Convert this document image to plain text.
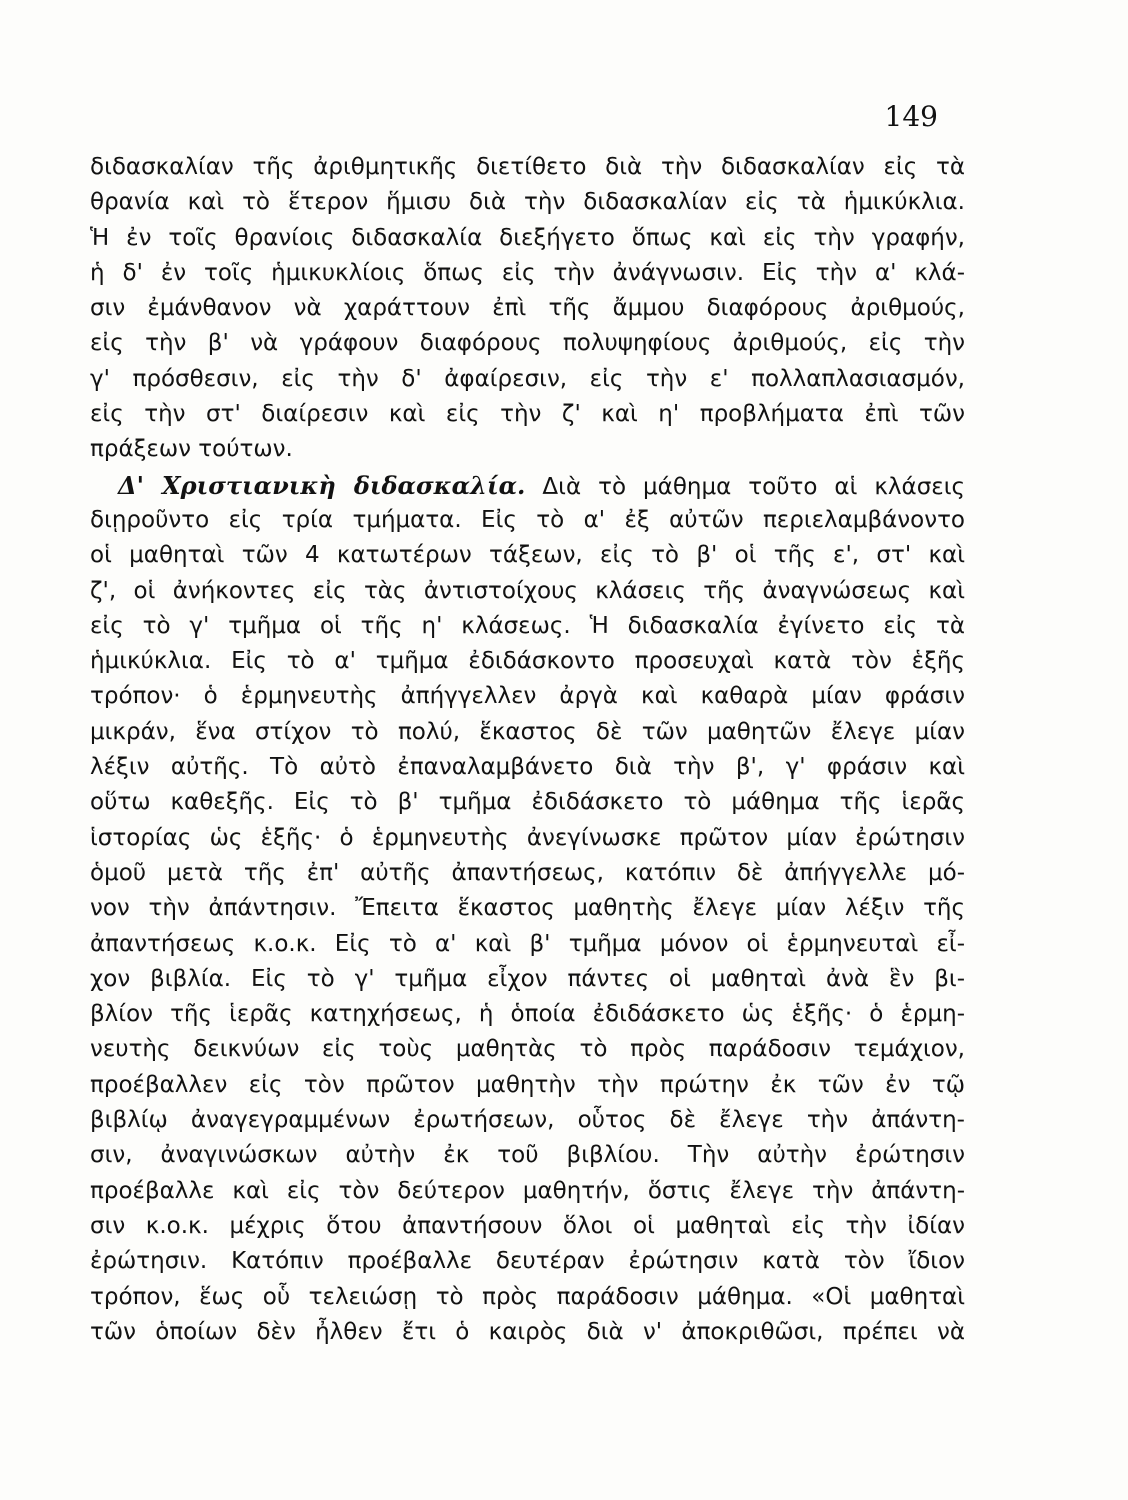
149
διδασκαλίαν τῆς ἀριθμητικῆς διετίθετο διὰ τὴν διδασκαλίαν εἰς τὰ
θρανία καὶ τὸ ἕτερον ἥμισυ διὰ τὴν διδασκαλίαν εἰς τὰ ἡμικύκλια.
Ἡ ἐν τοῖς θρανίοις διδασκαλία διεξήγετο ὅπως καὶ εἰς τὴν γραφήν,
ἡ δ' ἐν τοῖς ἡμικυκλίοις ὅπως εἰς τὴν ἀνάγνωσιν. Εἰς τὴν α' κλά-
σιν ἐμάνθανον νὰ χαράττουν ἐπὶ τῆς ἄμμου διαφόρους ἀριθμούς,
εἰς τὴν β' νὰ γράφουν διαφόρους πολυψηφίους ἀριθμούς, εἰς τὴν
γ' πρόσθεσιν, εἰς τὴν δ' ἀφαίρεσιν, εἰς τὴν ε' πολλαπλασιασμόν,
εἰς τὴν στ' διαίρεσιν καὶ εἰς τὴν ζ' καὶ η' προβλήματα ἐπὶ τῶν
πράξεων τούτων.
Δ' Χριστιανικὴ διδασκαλία. Διὰ τὸ μάθημα τοῦτο αἱ κλάσεις
διῃροῦντο εἰς τρία τμήματα. Εἰς τὸ α' ἐξ αὐτῶν περιελαμβάνοντο
οἱ μαθηταὶ τῶν 4 κατωτέρων τάξεων, εἰς τὸ β' οἱ τῆς ε', στ' καὶ
ζ', οἱ ἀνήκοντες εἰς τὰς ἀντιστοίχους κλάσεις τῆς ἀναγνώσεως καὶ
εἰς τὸ γ' τμῆμα οἱ τῆς η' κλάσεως. Ἡ διδασκαλία ἐγίνετο εἰς τὰ
ἡμικύκλια. Εἰς τὸ α' τμῆμα ἐδιδάσκοντο προσευχαὶ κατὰ τὸν ἑξῆς
τρόπον· ὁ ἑρμηνευτὴς ἀπήγγελλεν ἀργὰ καὶ καθαρὰ μίαν φράσιν
μικράν, ἕνα στίχον τὸ πολύ, ἕκαστος δὲ τῶν μαθητῶν ἔλεγε μίαν
λέξιν αὐτῆς. Τὸ αὐτὸ ἐπαναλαμβάνετο διὰ τὴν β', γ' φράσιν καὶ
οὕτω καθεξῆς. Εἰς τὸ β' τμῆμα ἐδιδάσκετο τὸ μάθημα τῆς ἱερᾶς
ἱστορίας ὡς ἑξῆς· ὁ ἑρμηνευτὴς ἀνεγίνωσκε πρῶτον μίαν ἐρώτησιν
ὁμοῦ μετὰ τῆς ἐπ' αὐτῆς ἀπαντήσεως, κατόπιν δὲ ἀπήγγελλε μό-
νον τὴν ἀπάντησιν. Ἔπειτα ἕκαστος μαθητὴς ἔλεγε μίαν λέξιν τῆς
ἀπαντήσεως κ.ο.κ. Εἰς τὸ α' καὶ β' τμῆμα μόνον οἱ ἑρμηνευταὶ εἶ-
χον βιβλία. Εἰς τὸ γ' τμῆμα εἶχον πάντες οἱ μαθηταὶ ἀνὰ ἓν βι-
βλίον τῆς ἱερᾶς κατηχήσεως, ἡ ὁποία ἐδιδάσκετο ὡς ἑξῆς· ὁ ἑρμη-
νευτὴς δεικνύων εἰς τοὺς μαθητὰς τὸ πρὸς παράδοσιν τεμάχιον,
προέβαλλεν εἰς τὸν πρῶτον μαθητὴν τὴν πρώτην ἐκ τῶν ἐν τῷ
βιβλίῳ ἀναγεγραμμένων ἐρωτήσεων, οὗτος δὲ ἔλεγε τὴν ἀπάντη-
σιν, ἀναγινώσκων αὐτὴν ἐκ τοῦ βιβλίου. Τὴν αὐτὴν ἐρώτησιν
προέβαλλε καὶ εἰς τὸν δεύτερον μαθητήν, ὅστις ἔλεγε τὴν ἀπάντη-
σιν κ.ο.κ. μέχρις ὅτου ἀπαντήσουν ὅλοι οἱ μαθηταὶ εἰς τὴν ἰδίαν
ἐρώτησιν. Κατόπιν προέβαλλε δευτέραν ἐρώτησιν κατὰ τὸν ἴδιον
τρόπον, ἕως οὗ τελειώσῃ τὸ πρὸς παράδοσιν μάθημα. «Οἱ μαθηταὶ
τῶν ὁποίων δὲν ἦλθεν ἔτι ὁ καιρὸς διὰ ν' ἀποκριθῶσι, πρέπει νὰ
